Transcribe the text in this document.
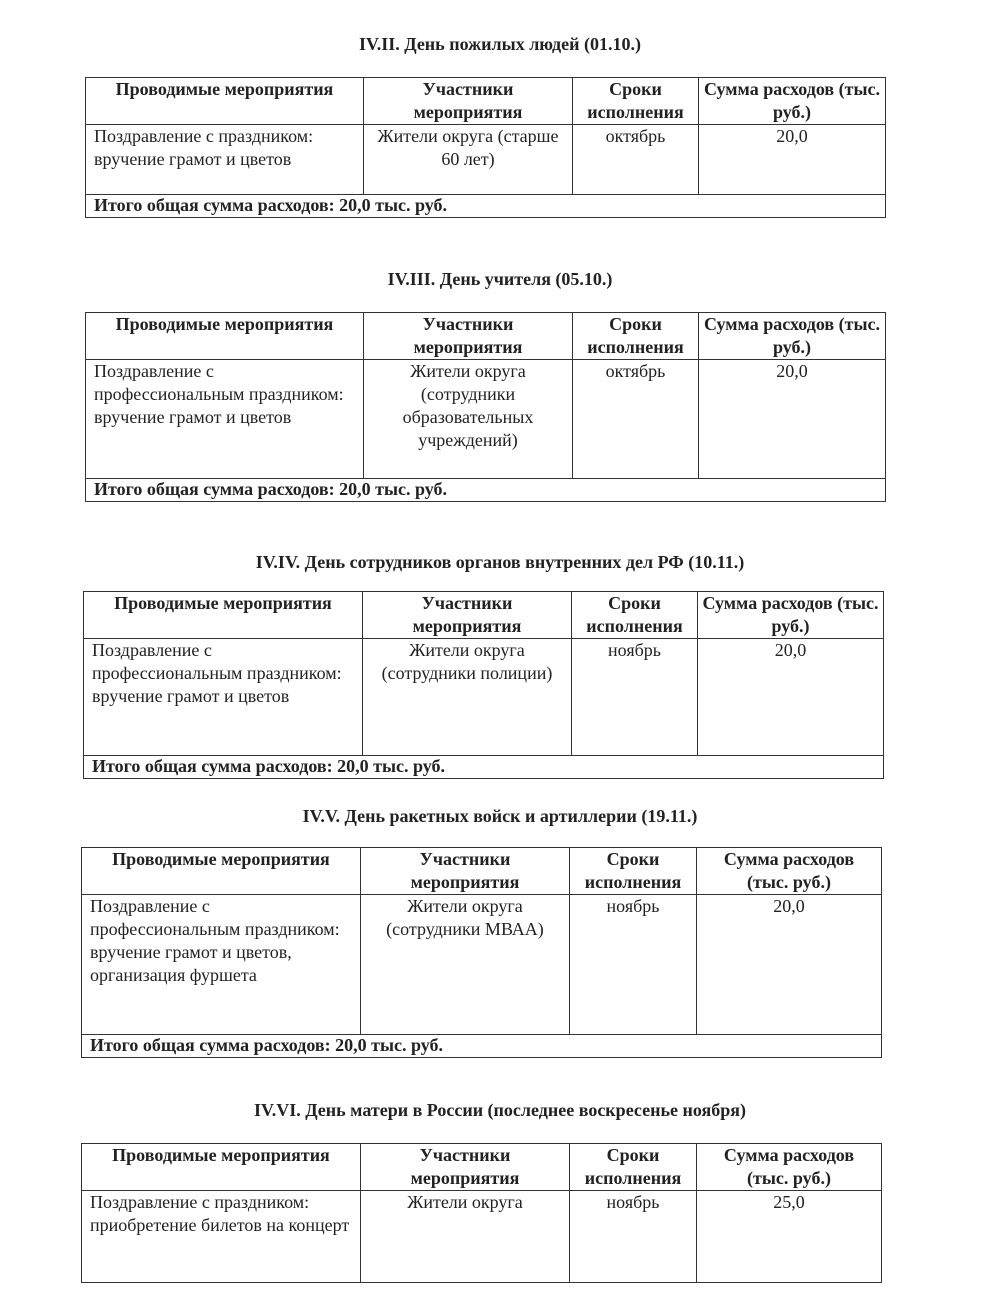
IV.II. День пожилых людей (01.10.)
Проводимые мероприятия	Участники мероприятия	Сроки исполнения	Сумма расходов (тыс. руб.)
Поздравление с праздником: вручение грамот и цветов	Жители округа (старше 60 лет)	октябрь	20,0
Итого общая сумма расходов: 20,0 тыс. руб.			
IV.III. День учителя (05.10.)
Проводимые мероприятия	Участники мероприятия	Сроки исполнения	Сумма расходов (тыс. руб.)
Поздравление с профессиональным праздником: вручение грамот и цветов	Жители округа (сотрудники образовательных учреждений)	октябрь	20,0
Итого общая сумма расходов: 20,0 тыс. руб.			
IV.IV. День сотрудников органов внутренних дел РФ (10.11.)
Проводимые мероприятия	Участники мероприятия	Сроки исполнения	Сумма расходов (тыс. руб.)
Поздравление с профессиональным праздником: вручение грамот и цветов	Жители округа (сотрудники полиции)	ноябрь	20,0
Итого общая сумма расходов: 20,0 тыс. руб.			
IV.V. День ракетных войск и артиллерии (19.11.)
Проводимые мероприятия	Участники мероприятия	Сроки исполнения	Сумма расходов (тыс. руб.)
Поздравление с профессиональным праздником: вручение грамот и цветов, организация фуршета	Жители округа (сотрудники МВАА)	ноябрь	20,0
Итого общая сумма расходов: 20,0 тыс. руб.			
IV.VI. День матери в России (последнее воскресенье ноября)
Проводимые мероприятия	Участники мероприятия	Сроки исполнения	Сумма расходов (тыс. руб.)
Поздравление с праздником: приобретение билетов на концерт	Жители округа	ноябрь	25,0
